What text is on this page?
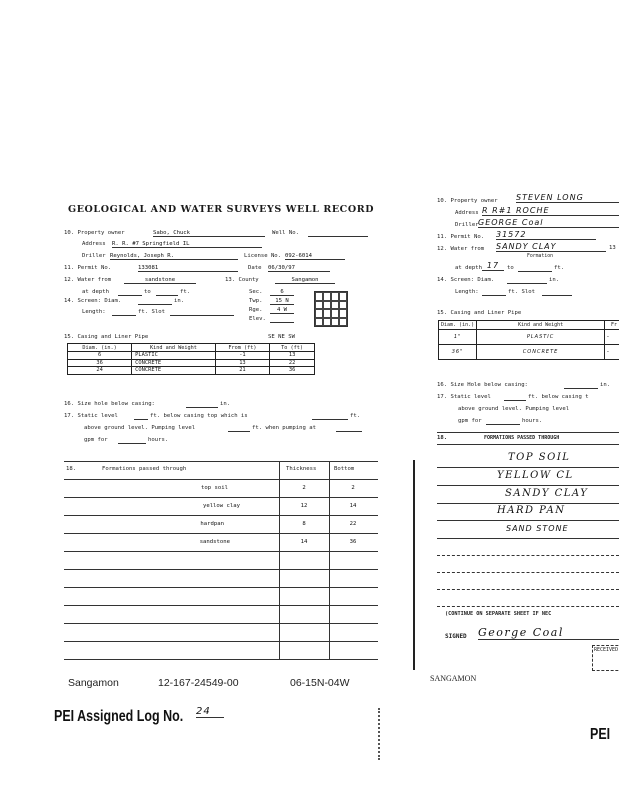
GEOLOGICAL AND WATER SURVEYS WELL RECORD
10. Property owner	Sabo, Chuck	Well No.
Address R. R. #7 Springfield IL
Driller Reynolds, Joseph R.	License No. 092-6014
11. Permit No.	133081	Date 06/30/97
12. Water from	sandstone	13. County	Sangamon
at depth	to	ft.	Sec.	6
Twp.	15 N
Rge.	4 W
Elev.
14. Screen: Diam.	in.
Length:	ft. Slot
15. Casing and Liner Pipe	SE NE SW
Diam. (in.)	Kind and Weight	From (ft)	To (ft)
6	PLASTIC	-1	13
36	CONCRETE	13	22
24	CONCRETE	21	36
16. Size hole below casing:	in.
17. Static level	ft. below casing top which is	ft.
above ground level. Pumping level	ft. when pumping at
gpm for	hours.
18.	Formations passed through	Thickness	Bottom
top soil	2	2
yellow clay	12	14
hardpan	8	22
sandstone	14	36
Sangamon	12-167-24549-00	06-15N-04W
PEI Assigned Log No. 24
10. Property owner STEVEN LONG
Address R R#1 ROCHE
Driller GEORGE Coal
11. Permit No. 31572
12. Water from SANDY CLAY	13
Formation
at depth 17	to	ft.
14. Screen: Diam.	in.
Length:	ft. Slot
15. Casing and Liner Pipe
Diam. (in.)	Kind and Weight	Fr
1"	PLASTIC	-
36"	CONCRETE	-
16. Size Hole below casing:	in.
17. Static level	ft. below casing t
above ground level. Pumping level
gpm for	hours.
18.	FORMATIONS PASSED THROUGH
TOP SOIL
YELLOW CL
SANDY CLAY
HARD PAN
SAND STONE
(CONTINUE ON SEPARATE SHEET IF NEC
SIGNED George Coal
RECEIVED
SANGAMON
PEI
